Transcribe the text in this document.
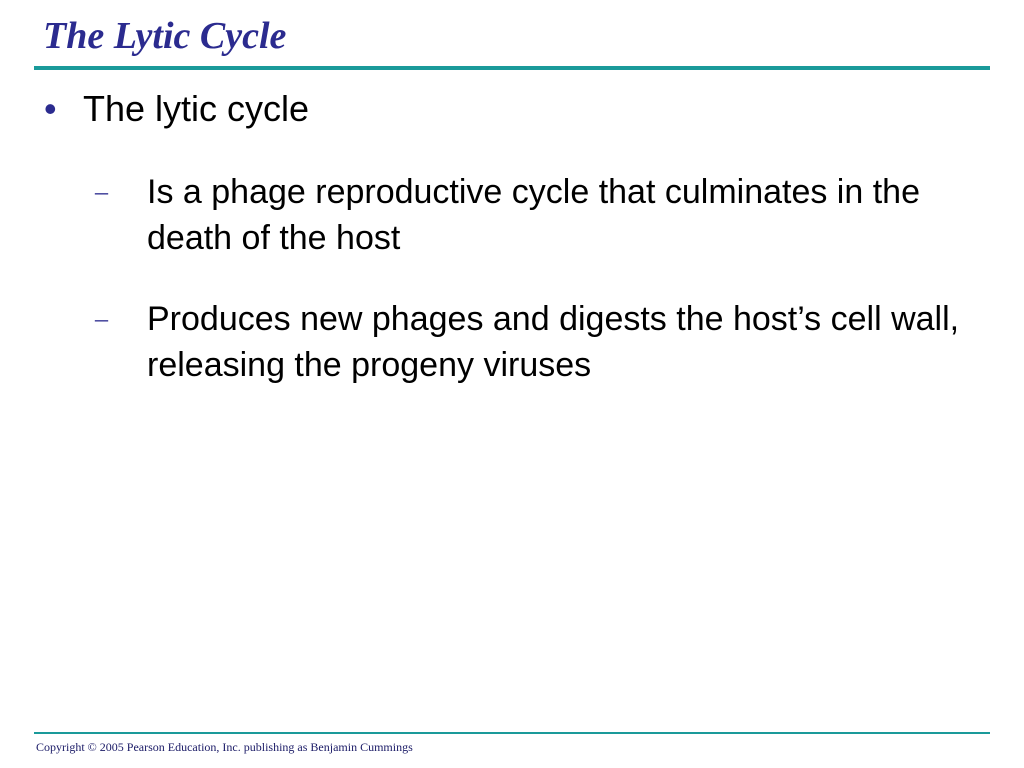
The Lytic Cycle
• The lytic cycle
– Is a phage reproductive cycle that culminates in the death of the host
– Produces new phages and digests the host’s cell wall, releasing the progeny viruses
Copyright © 2005 Pearson Education, Inc. publishing as Benjamin Cummings
